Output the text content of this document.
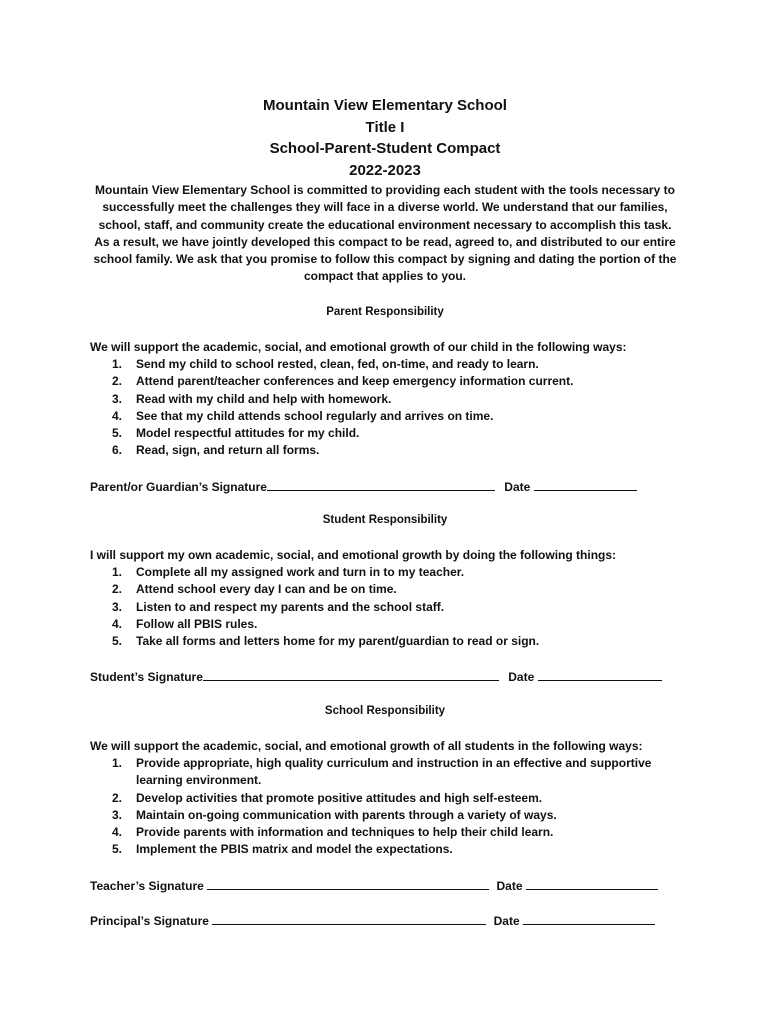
Mountain View Elementary School
Title I
School-Parent-Student Compact
2022-2023
Mountain View Elementary School is committed to providing each student with the tools necessary to successfully meet the challenges they will face in a diverse world. We understand that our families, school, staff, and community create the educational environment necessary to accomplish this task. As a result, we have jointly developed this compact to be read, agreed to, and distributed to our entire school family. We ask that you promise to follow this compact by signing and dating the portion of the compact that applies to you.
Parent Responsibility
We will support the academic, social, and emotional growth of our child in the following ways:
1. Send my child to school rested, clean, fed, on-time, and ready to learn.
2. Attend parent/teacher conferences and keep emergency information current.
3. Read with my child and help with homework.
4. See that my child attends school regularly and arrives on time.
5. Model respectful attitudes for my child.
6. Read, sign, and return all forms.
Parent/or Guardian’s Signature	Date
Student Responsibility
I will support my own academic, social, and emotional growth by doing the following things:
1. Complete all my assigned work and turn in to my teacher.
2. Attend school every day I can and be on time.
3. Listen to and respect my parents and the school staff.
4. Follow all PBIS rules.
5. Take all forms and letters home for my parent/guardian to read or sign.
Student’s Signature	Date
School Responsibility
We will support the academic, social, and emotional growth of all students in the following ways:
1. Provide appropriate, high quality curriculum and instruction in an effective and supportive learning environment.
2. Develop activities that promote positive attitudes and high self-esteem.
3. Maintain on-going communication with parents through a variety of ways.
4. Provide parents with information and techniques to help their child learn.
5. Implement the PBIS matrix and model the expectations.
Teacher’s Signature	Date
Principal’s Signature	Date
